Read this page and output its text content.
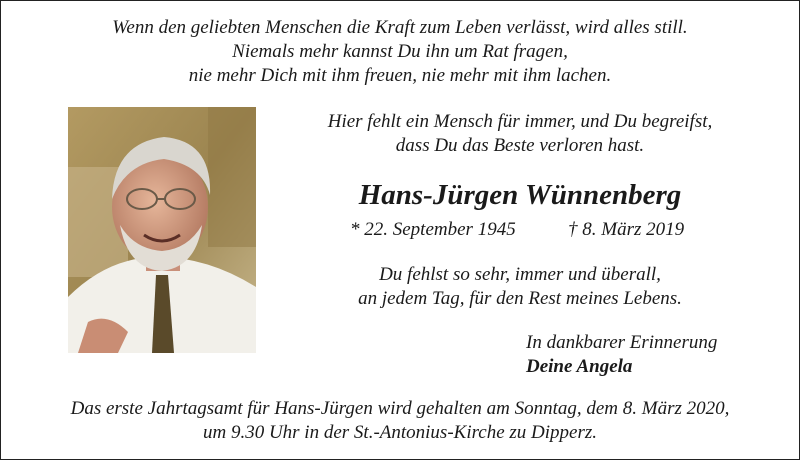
Wenn den geliebten Menschen die Kraft zum Leben verlässt, wird alles still.
Niemals mehr kannst Du ihn um Rat fragen,
nie mehr Dich mit ihm freuen, nie mehr mit ihm lachen.
Hier fehlt ein Mensch für immer, und Du begreifst,
dass Du das Beste verloren hast.
Hans-Jürgen Wünnenberg
* 22. September 1945	† 8. März 2019
Du fehlst so sehr, immer und überall,
an jedem Tag, für den Rest meines Lebens.
In dankbarer Erinnerung
Deine Angela
Das erste Jahrtagsamt für Hans-Jürgen wird gehalten am Sonntag, dem 8. März 2020,
um 9.30 Uhr in der St.-Antonius-Kirche zu Dipperz.
